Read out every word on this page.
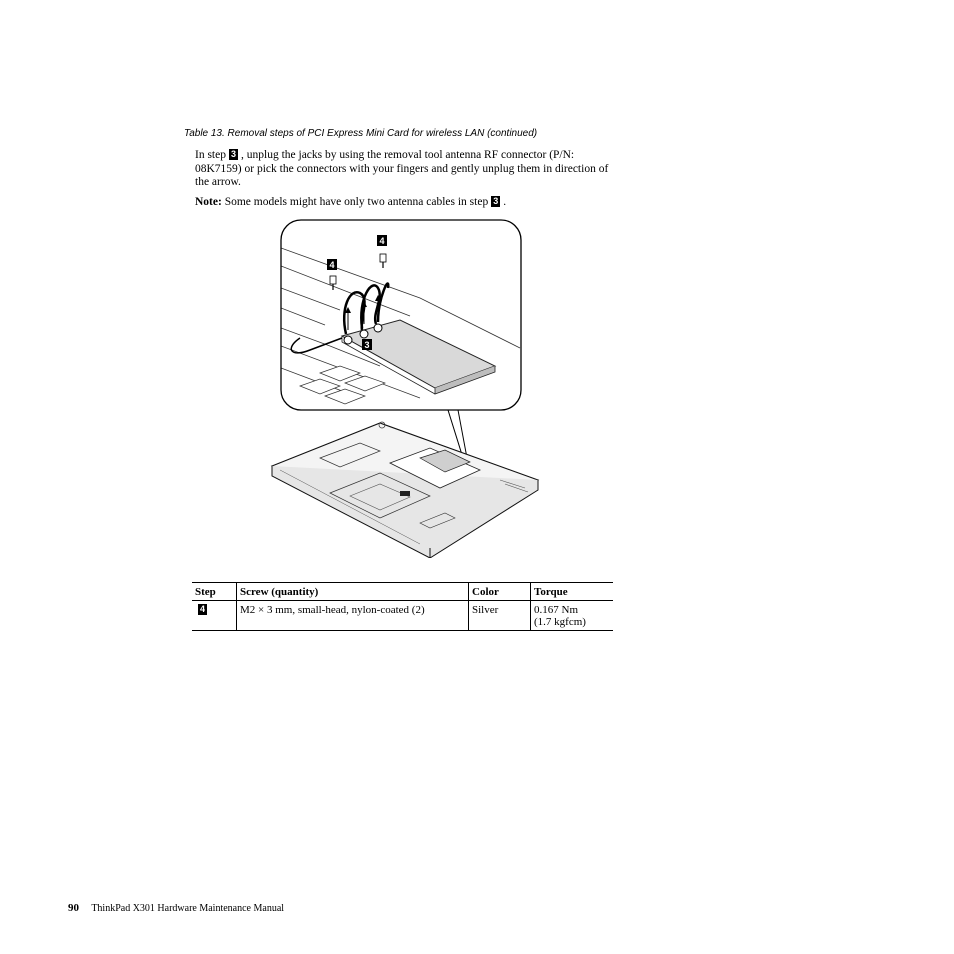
Table 13. Removal steps of PCI Express Mini Card for wireless LAN (continued)
In step 3 , unplug the jacks by using the removal tool antenna RF connector (P/N: 08K7159) or pick the connectors with your fingers and gently unplug them in direction of the arrow.
Note: Some models might have only two antenna cables in step 3 .
4
4
3
Step	Screw (quantity)	Color	Torque
4	M2 × 3 mm, small-head, nylon-coated (2)	Silver	0.167 Nm
(1.7 kgfcm)
90 ThinkPad X301 Hardware Maintenance Manual
